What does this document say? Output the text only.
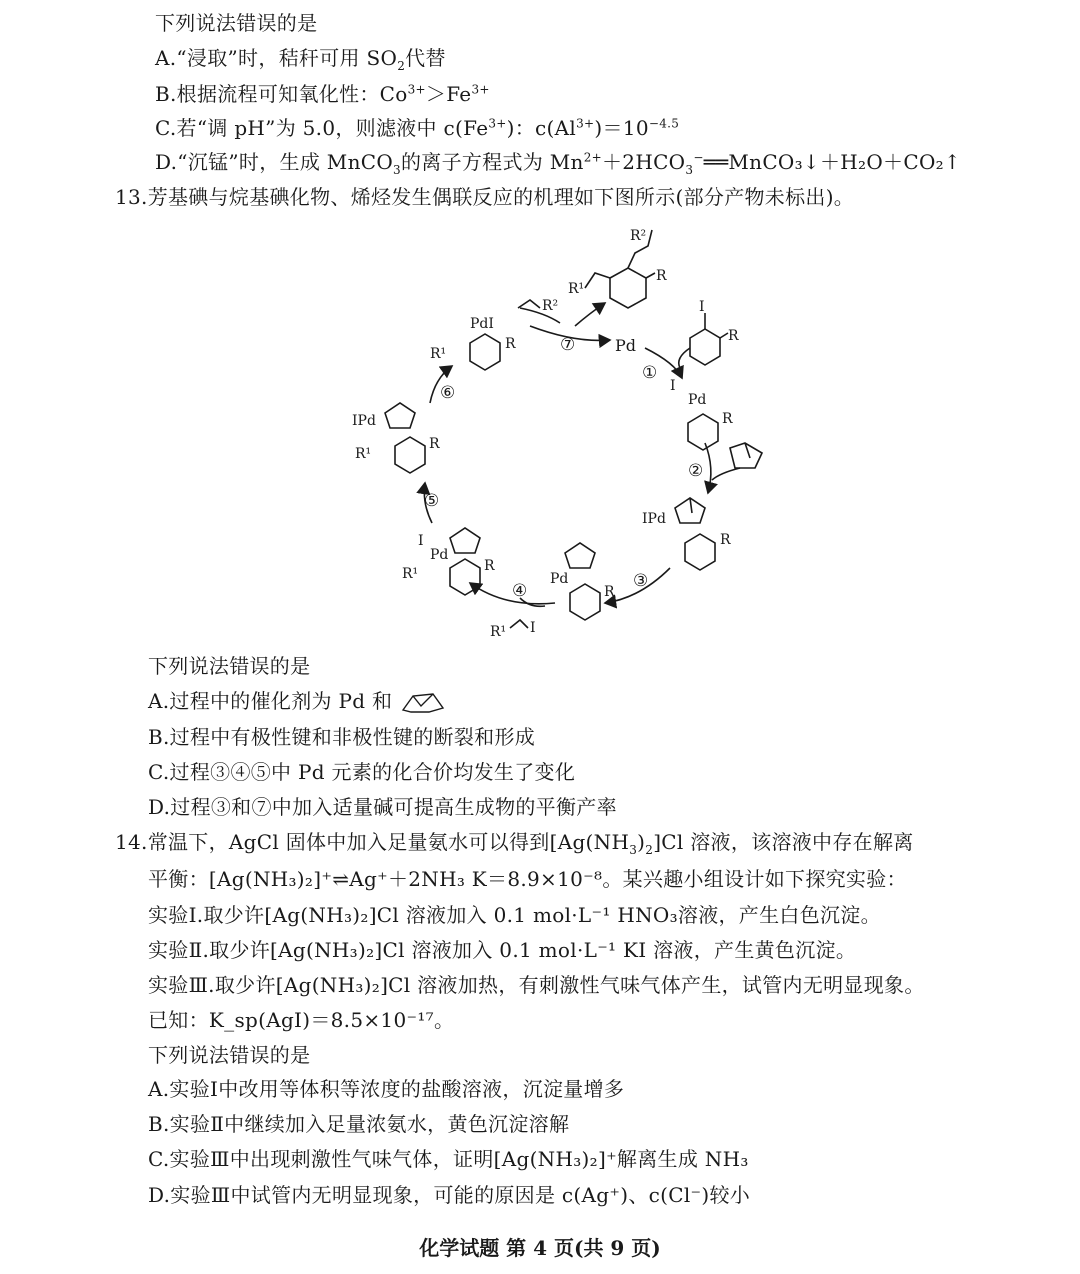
下列说法错误的是
A.“浸取”时，秸秆可用 $SO_2$代替
B.根据流程可知氧化性：$Co^{3+}>Fe^{3+}$
C.若“调 pH”为 5.0，则滤液中 $c(Fe^{3+})$：$c(Al^{3+})=10^{-4.5}$
D.“沉锰”时，生成 MnCO$_3$的离子方程式为 $Mn^{2+}+2HCO_3^-══MnCO_3↓+H_2O+CO_2↑$
13.芳基碘与烷基碘化物、烯烃发生偶联反应的机理如下图所示(部分产物未标出)。
⑦
①
②
③
④
⑤
⑥
Pd
R²
R¹
R
R²	I
R
I
Pd
R
IPd
R
Pd
R
R¹ I
I
Pd
R¹	R
IPd
R¹
R
PdI
R¹
R
下列说法错误的是
A.过程中的催化剂为 Pd 和
B.过程中有极性键和非极性键的断裂和形成
C.过程③④⑤中 Pd 元素的化合价均发生了变化
D.过程③和⑦中加入适量碱可提高生成物的平衡产率
14.常温下，AgCl 固体中加入足量氨水可以得到$[Ag(NH_3)_2]Cl$ 溶液，该溶液中存在解离
平衡：[Ag(NH₃)₂]⁺⇌Ag⁺＋2NH₃ K＝8.9×10⁻⁸。某兴趣小组设计如下探究实验：
实验Ⅰ.取少许[Ag(NH₃)₂]Cl 溶液加入 0.1 mol·L⁻¹ HNO₃溶液，产生白色沉淀。
实验Ⅱ.取少许[Ag(NH₃)₂]Cl 溶液加入 0.1 mol·L⁻¹ KI 溶液，产生黄色沉淀。
实验Ⅲ.取少许[Ag(NH₃)₂]Cl 溶液加热，有刺激性气味气体产生，试管内无明显现象。
已知：K_sp(AgI)＝8.5×10⁻¹⁷。
下列说法错误的是
A.实验Ⅰ中改用等体积等浓度的盐酸溶液，沉淀量增多
B.实验Ⅱ中继续加入足量浓氨水，黄色沉淀溶解
C.实验Ⅲ中出现刺激性气味气体，证明[Ag(NH₃)₂]⁺解离生成 NH₃
D.实验Ⅲ中试管内无明显现象，可能的原因是 c(Ag⁺)、c(Cl⁻)较小
化学试题 第 4 页(共 9 页)
